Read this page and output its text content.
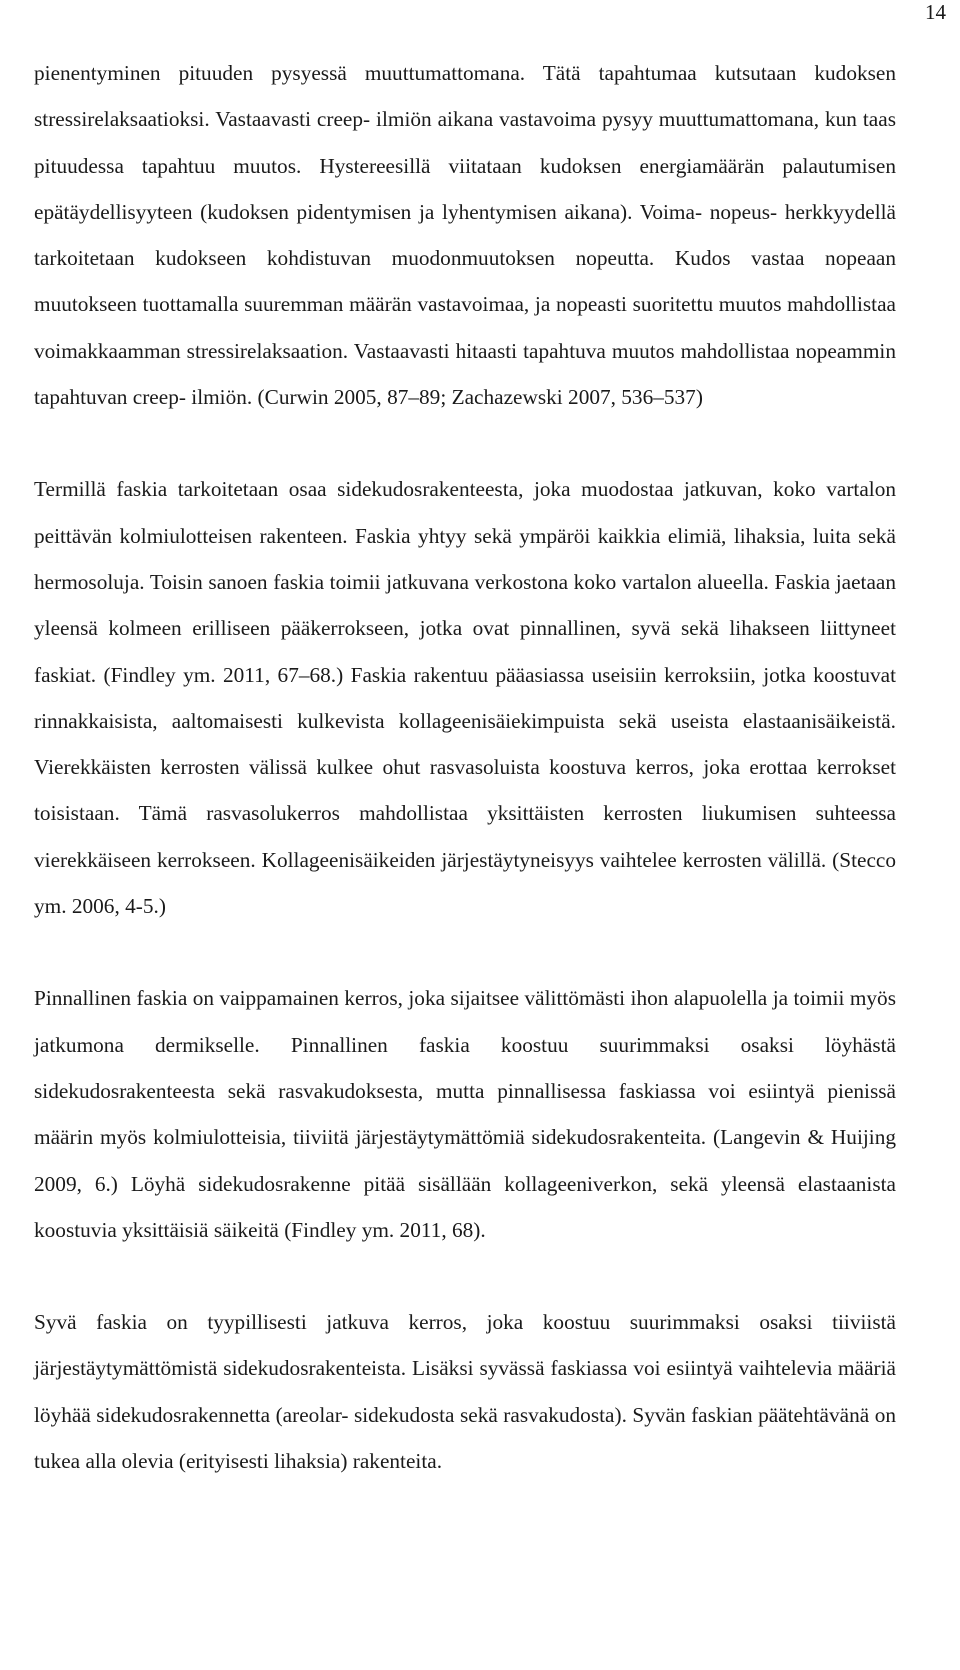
14

pienentyminen pituuden pysyessä muuttumattomana. Tätä tapahtumaa kutsutaan kudoksen stressirelaksaatioksi. Vastaavasti creep- ilmiön aikana vastavoima pysyy muuttumattomana, kun taas pituudessa tapahtuu muutos. Hystereesillä viitataan kudoksen energiamäärän palautumisen epätäydellisyyteen (kudoksen pidentymisen ja lyhentymisen aikana). Voima- nopeus- herkkyydellä tarkoitetaan kudokseen kohdistuvan muodonmuutoksen nopeutta. Kudos vastaa nopeaan muutokseen tuottamalla suuremman määrän vastavoimaa, ja nopeasti suoritettu muutos mahdollistaa voimakkaamman stressirelaksaation. Vastaavasti hitaasti tapahtuva muutos mahdollistaa nopeammin tapahtuvan creep- ilmiön. (Curwin 2005, 87–89; Zachazewski 2007, 536–537)

Termillä faskia tarkoitetaan osaa sidekudosrakenteesta, joka muodostaa jatkuvan, koko vartalon peittävän kolmiulotteisen rakenteen. Faskia yhtyy sekä ympäröi kaikkia elimiä, lihaksia, luita sekä hermosoluja. Toisin sanoen faskia toimii jatkuvana verkostona koko vartalon alueella. Faskia jaetaan yleensä kolmeen erilliseen pääkerrokseen, jotka ovat pinnallinen, syvä sekä lihakseen liittyneet faskiat. (Findley ym. 2011, 67–68.) Faskia rakentuu pääasiassa useisiin kerroksiin, jotka koostuvat rinnakkaisista, aaltomaisesti kulkevista kollageenisäiekimpuista sekä useista elastaanisäikeistä. Vierekkäisten kerrosten välissä kulkee ohut rasvasoluista koostuva kerros, joka erottaa kerrokset toisistaan. Tämä rasvasolukerros mahdollistaa yksittäisten kerrosten liukumisen suhteessa vierekkäiseen kerrokseen. Kollageenisäikeiden järjestäytyneisyys vaihtelee kerrosten välillä. (Stecco ym. 2006, 4-5.)

Pinnallinen faskia on vaippamainen kerros, joka sijaitsee välittömästi ihon alapuolella ja toimii myös jatkumona dermikselle. Pinnallinen faskia koostuu suurimmaksi osaksi löyhästä sidekudosrakenteesta sekä rasvakudoksesta, mutta pinnallisessa faskiassa voi esiintyä pienissä määrin myös kolmiulotteisia, tiiviitä järjestäytymättömiä sidekudosrakenteita. (Langevin & Huijing 2009, 6.) Löyhä sidekudosrakenne pitää sisällään kollageeniverkon, sekä yleensä elastaanista koostuvia yksittäisiä säikeitä (Findley ym. 2011, 68).

Syvä faskia on tyypillisesti jatkuva kerros, joka koostuu suurimmaksi osaksi tiiviistä järjestäytymättömistä sidekudosrakenteista. Lisäksi syvässä faskiassa voi esiintyä vaihtelevia määriä löyhää sidekudosrakennetta (areolar- sidekudosta sekä rasvakudosta). Syvän faskian päätehtävänä on tukea alla olevia (erityisesti lihaksia) rakenteita.
